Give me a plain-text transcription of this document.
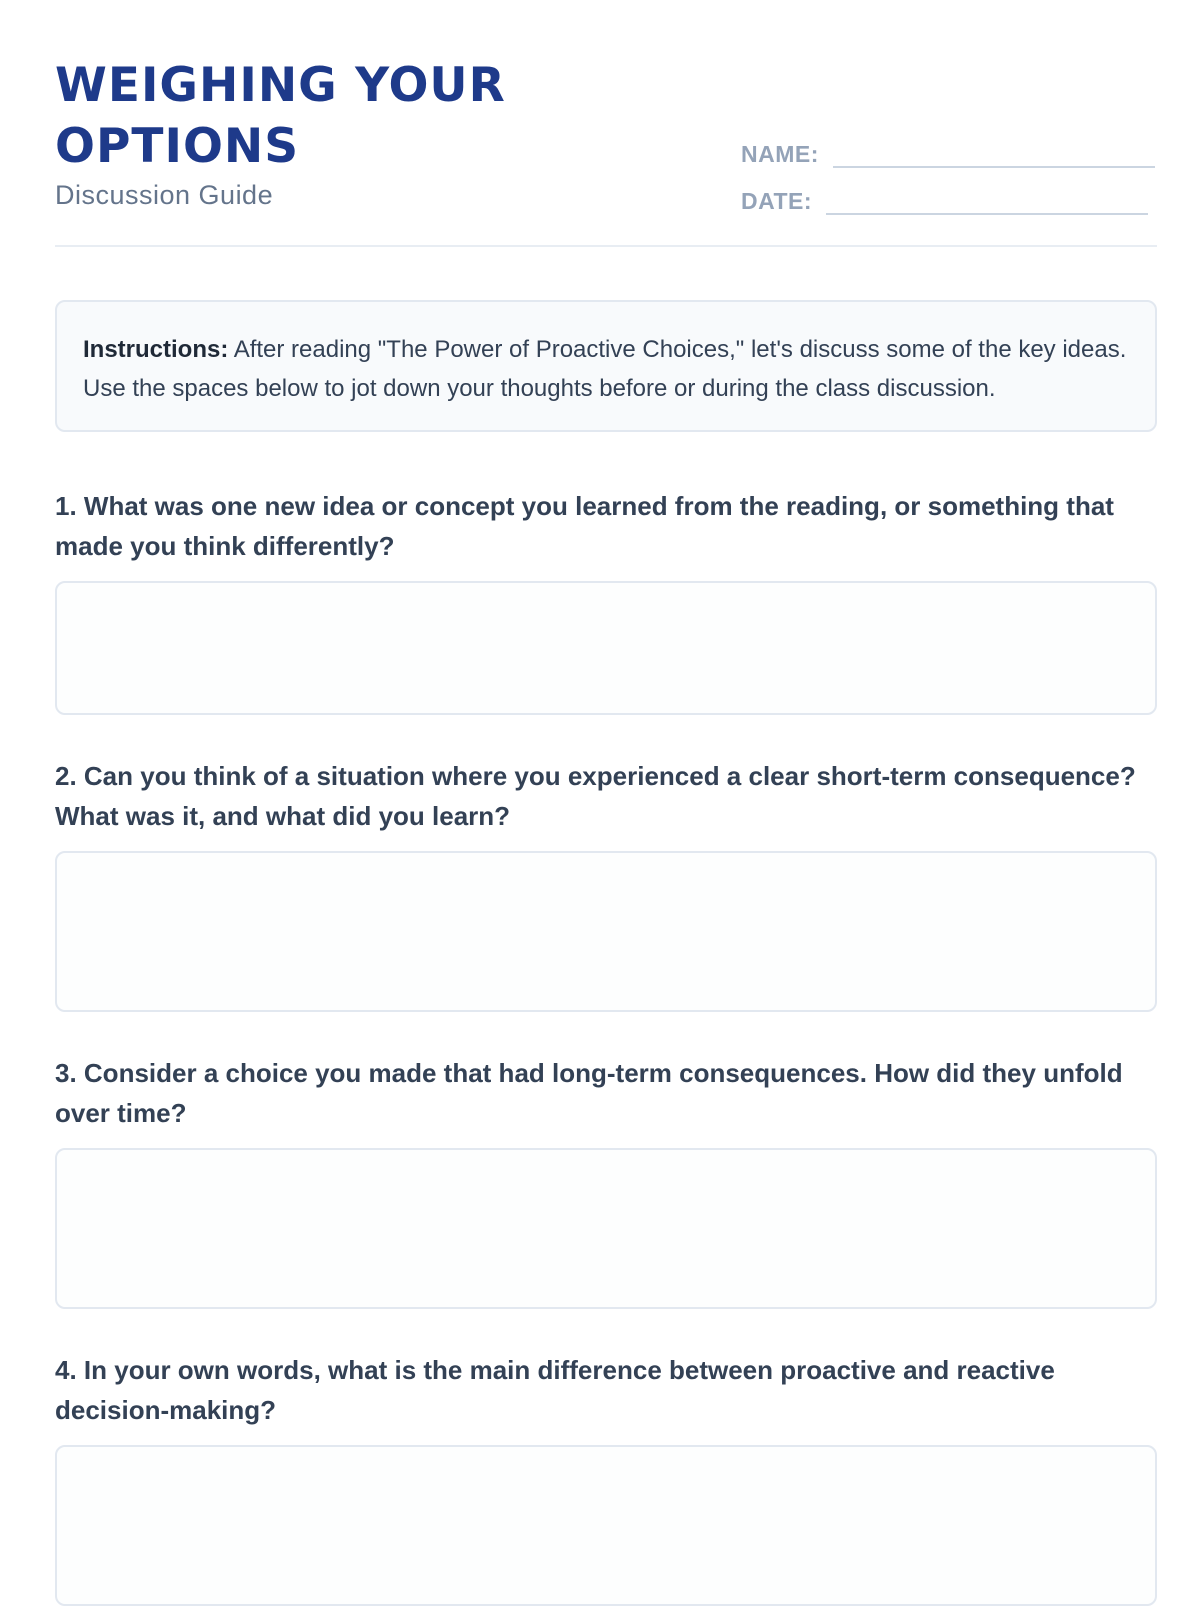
WEIGHING YOUR OPTIONS
Discussion Guide
NAME:
DATE:
Instructions: After reading "The Power of Proactive Choices," let's discuss some of the key ideas. Use the spaces below to jot down your thoughts before or during the class discussion.

1. What was one new idea or concept you learned from the reading, or something that made you think differently?

2. Can you think of a situation where you experienced a clear short-term consequence? What was it, and what did you learn?

3. Consider a choice you made that had long-term consequences. How did they unfold over time?

4. In your own words, what is the main difference between proactive and reactive decision-making?
